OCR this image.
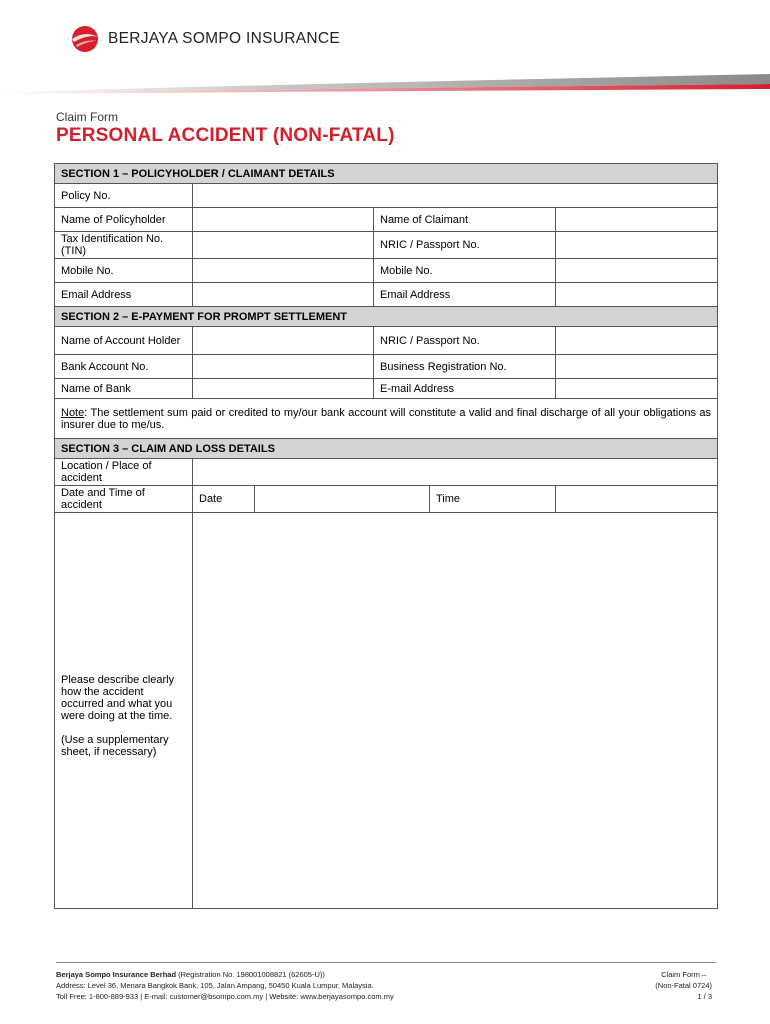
BERJAYA SOMPO INSURANCE
Claim Form
PERSONAL ACCIDENT (NON-FATAL)
SECTION 1 – POLICYHOLDER / CLAIMANT DETAILS					
Policy No.					
Name of Policyholder			Name of Claimant		
Tax Identification No. (TIN)			NRIC / Passport No.		
Mobile No.			Mobile No.		
Email Address			Email Address		
SECTION 2 – E-PAYMENT FOR PROMPT SETTLEMENT					
Name of Account Holder			NRIC / Passport No.		
Bank Account No.			Business Registration No.		
Name of Bank			E-mail Address		
Note: The settlement sum paid or credited to my/our bank account will constitute a valid and final discharge of all your obligations as insurer due to me/us.					
SECTION 3 – CLAIM AND LOSS DETAILS					
Location / Place of accident					
Date and Time of accident	Date			Time	

Please describe clearly how the accident occurred and what you were doing at the time.
(Use a supplementary sheet, if necessary)					

Berjaya Sompo Insurance Berhad (Registration No. 198001008821 (62605-U))
Address: Level 36, Menara Bangkok Bank, 105, Jalan Ampang, 50450 Kuala Lumpur, Malaysia.
Toll Free: 1-800-889-933 | E-mail: customer@bsompo.com.my | Website: www.berjayasompo.com.my
Claim Form –
(Non-Fatal 0724)
1 / 3
